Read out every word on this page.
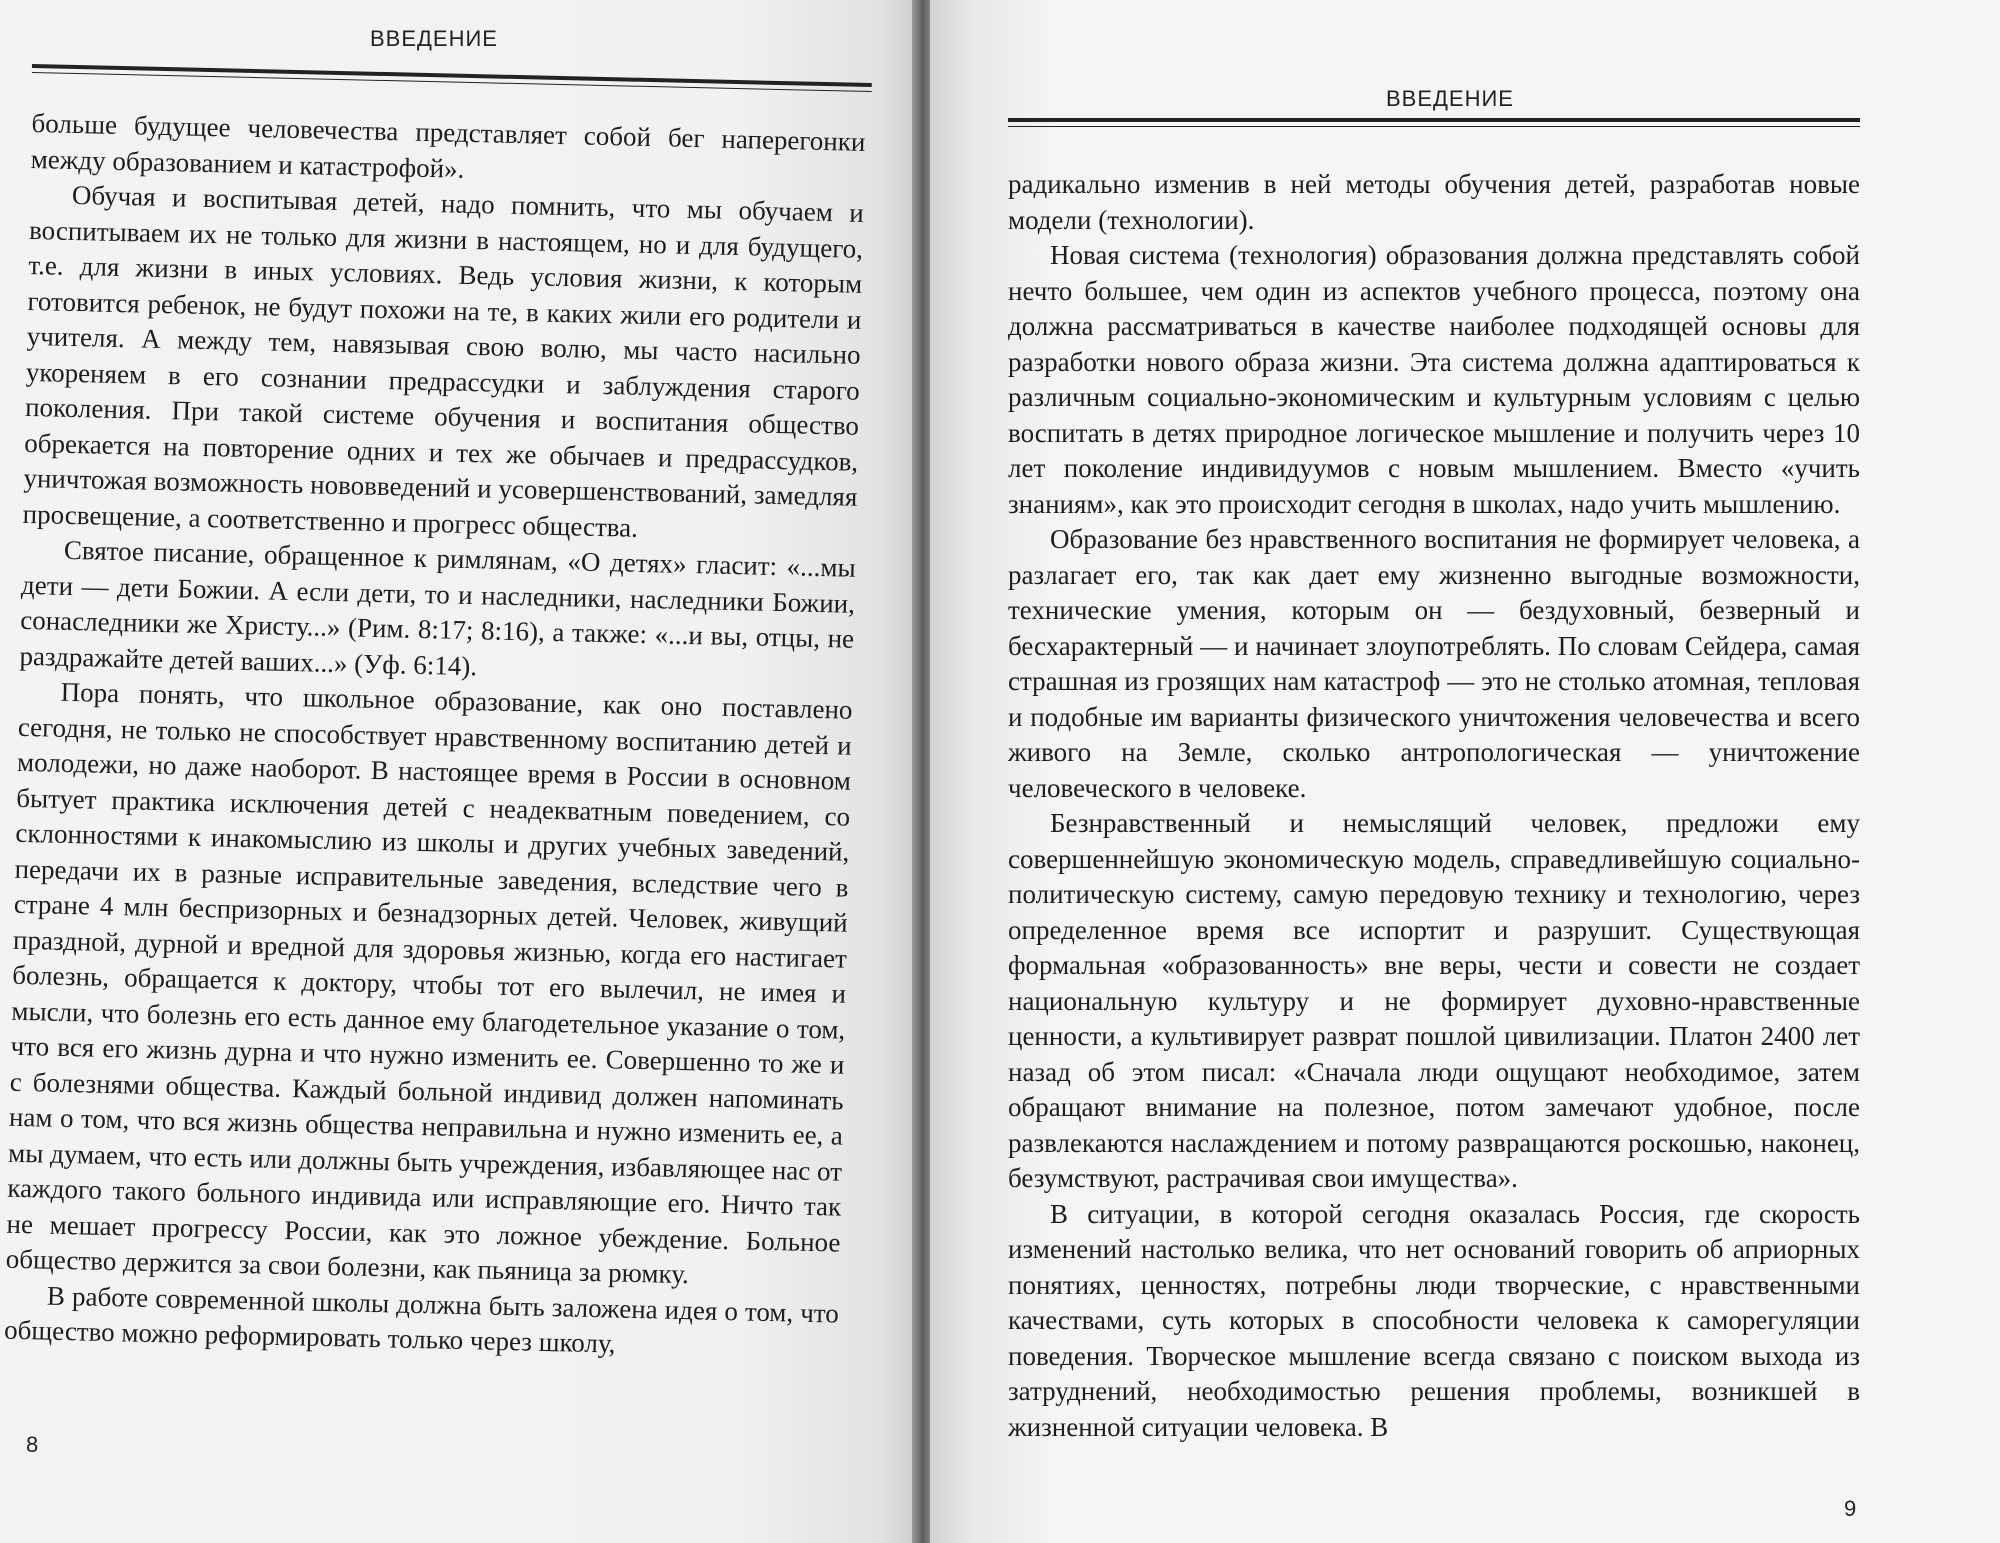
ВВЕДЕНИЕ

больше будущее человечества представляет собой бег наперегонки между образованием и катастрофой».

Обучая и воспитывая детей, надо помнить, что мы обучаем и воспитываем их не только для жизни в настоящем, но и для будущего, т.е. для жизни в иных условиях. Ведь условия жизни, к которым готовится ребенок, не будут похожи на те, в каких жили его родители и учителя. А между тем, навязывая свою волю, мы часто насильно укореняем в его сознании предрассудки и заблуждения старого поколения. При такой системе обучения и воспитания общество обрекается на повторение одних и тех же обычаев и предрассудков, уничтожая возможность нововведений и усовершенствований, замедляя просвещение, а соответственно и прогресс общества.

Святое писание, обращенное к римлянам, «О детях» гласит: «...мы дети — дети Божии. А если дети, то и наследники, наследники Божии, сонаследники же Христу...» (Рим. 8:17; 8:16), а также: «...и вы, отцы, не раздражайте детей ваших...» (Уф. 6:14).

Пора понять, что школьное образование, как оно поставлено сегодня, не только не способствует нравственному воспитанию детей и молодежи, но даже наоборот. В настоящее время в России в основном бытует практика исключения детей с неадекватным поведением, со склонностями к инакомыслию из школы и других учебных заведений, передачи их в разные исправительные заведения, вследствие чего в стране 4 млн беспризорных и безнадзорных детей. Человек, живущий праздной, дурной и вредной для здоровья жизнью, когда его настигает болезнь, обращается к доктору, чтобы тот его вылечил, не имея и мысли, что болезнь его есть данное ему благодетельное указание о том, что вся его жизнь дурна и что нужно изменить ее. Совершенно то же и с болезнями общества. Каждый больной индивид должен напоминать нам о том, что вся жизнь общества неправильна и нужно изменить ее, а мы думаем, что есть или должны быть учреждения, избавляющее нас от каждого такого больного индивида или исправляющие его. Ничто так не мешает прогрессу России, как это ложное убеждение. Больное общество держится за свои болезни, как пьяница за рюмку.

В работе современной школы должна быть заложена идея о том, что общество можно реформировать только через школу,

8
ВВЕДЕНИЕ

радикально изменив в ней методы обучения детей, разработав новые модели (технологии).

Новая система (технология) образования должна представлять собой нечто большее, чем один из аспектов учебного процесса, поэтому она должна рассматриваться в качестве наиболее подходящей основы для разработки нового образа жизни. Эта система должна адаптироваться к различным социально-экономическим и культурным условиям с целью воспитать в детях природное логическое мышление и получить через 10 лет поколение индивидуумов с новым мышлением. Вместо «учить знаниям», как это происходит сегодня в школах, надо учить мышлению.

Образование без нравственного воспитания не формирует человека, а разлагает его, так как дает ему жизненно выгодные возможности, технические умения, которым он — бездуховный, безверный и бесхарактерный — и начинает злоупотреблять. По словам Сейдера, самая страшная из грозящих нам катастроф — это не столько атомная, тепловая и подобные им варианты физического уничтожения человечества и всего живого на Земле, сколько антропологическая — уничтожение человеческого в человеке.

Безнравственный и немыслящий человек, предложи ему совершеннейшую экономическую модель, справедливейшую социально-политическую систему, самую передовую технику и технологию, через определенное время все испортит и разрушит. Существующая формальная «образованность» вне веры, чести и совести не создает национальную культуру и не формирует духовно-нравственные ценности, а культивирует разврат пошлой цивилизации. Платон 2400 лет назад об этом писал: «Сначала люди ощущают необходимое, затем обращают внимание на полезное, потом замечают удобное, после развлекаются наслаждением и потому развращаются роскошью, наконец, безумствуют, растрачивая свои имущества».

В ситуации, в которой сегодня оказалась Россия, где скорость изменений настолько велика, что нет оснований говорить об априорных понятиях, ценностях, потребны люди творческие, с нравственными качествами, суть которых в способности человека к саморегуляции поведения. Творческое мышление всегда связано с поиском выхода из затруднений, необходимостью решения проблемы, возникшей в жизненной ситуации человека. В

9
